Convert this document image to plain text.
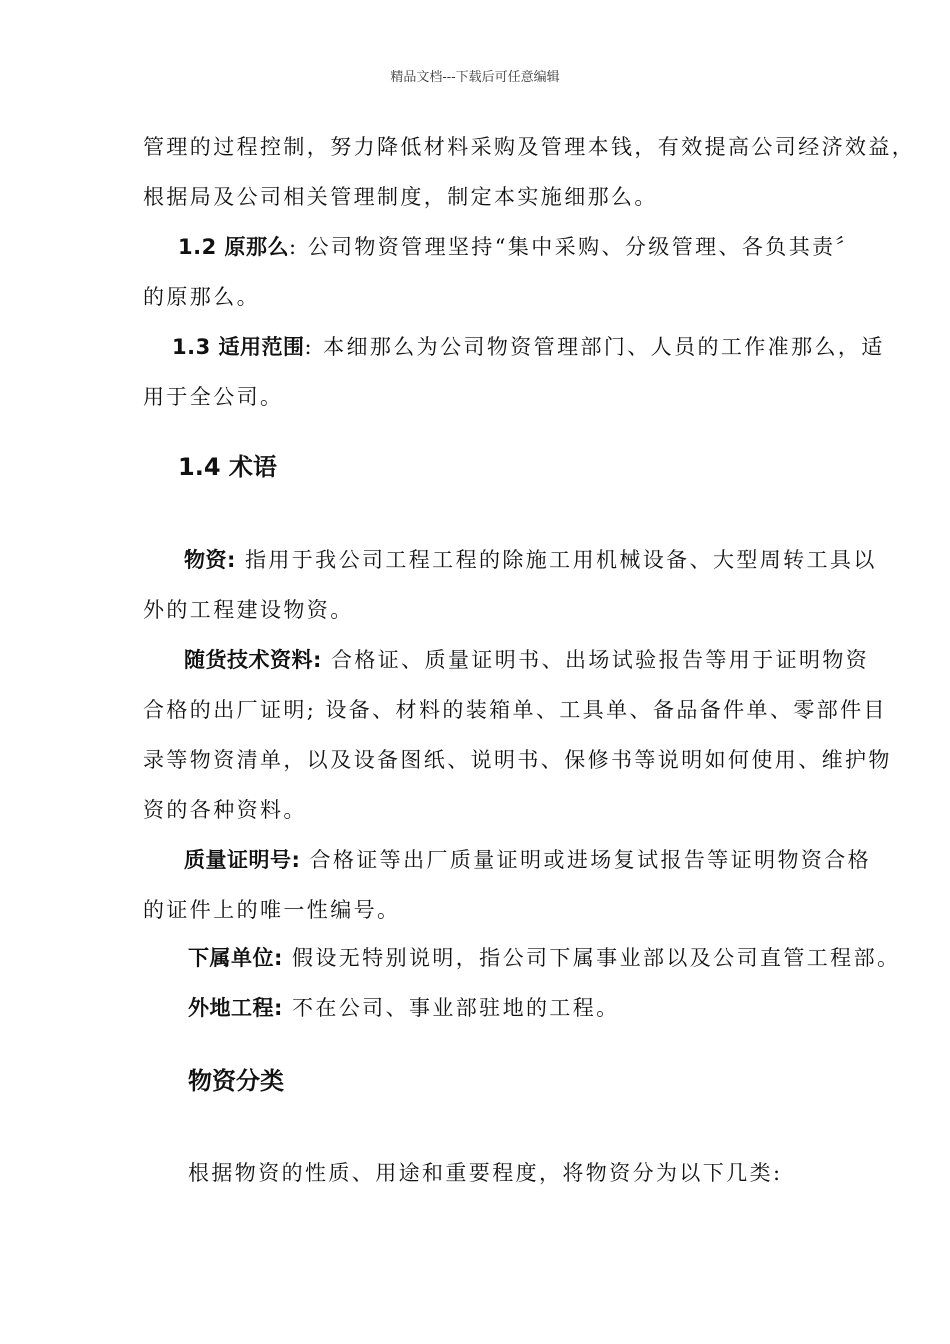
精品文档---下载后可任意编辑
管理的过程控制，努力降低材料采购及管理本钱，有效提高公司经济效益，
根据局及公司相关管理制度，制定本实施细那么。
1.2 原那么: 公司物资管理坚持“集中采购、分级管理、各负其责〞
的原那么。
1.3 适用范围: 本细那么为公司物资管理部门、人员的工作准那么，适
用于全公司。
1.4 术语
物资: 指用于我公司工程工程的除施工用机械设备、大型周转工具以
外的工程建设物资。
随货技术资料: 合格证、质量证明书、出场试验报告等用于证明物资
合格的出厂证明; 设备、材料的装箱单、工具单、备品备件单、零部件目
录等物资清单，以及设备图纸、说明书、保修书等说明如何使用、维护物
资的各种资料。
质量证明号: 合格证等出厂质量证明或进场复试报告等证明物资合格
的证件上的唯一性编号。
下属单位: 假设无特别说明，指公司下属事业部以及公司直管工程部。
外地工程: 不在公司、事业部驻地的工程。
物资分类
根据物资的性质、用途和重要程度，将物资分为以下几类:
